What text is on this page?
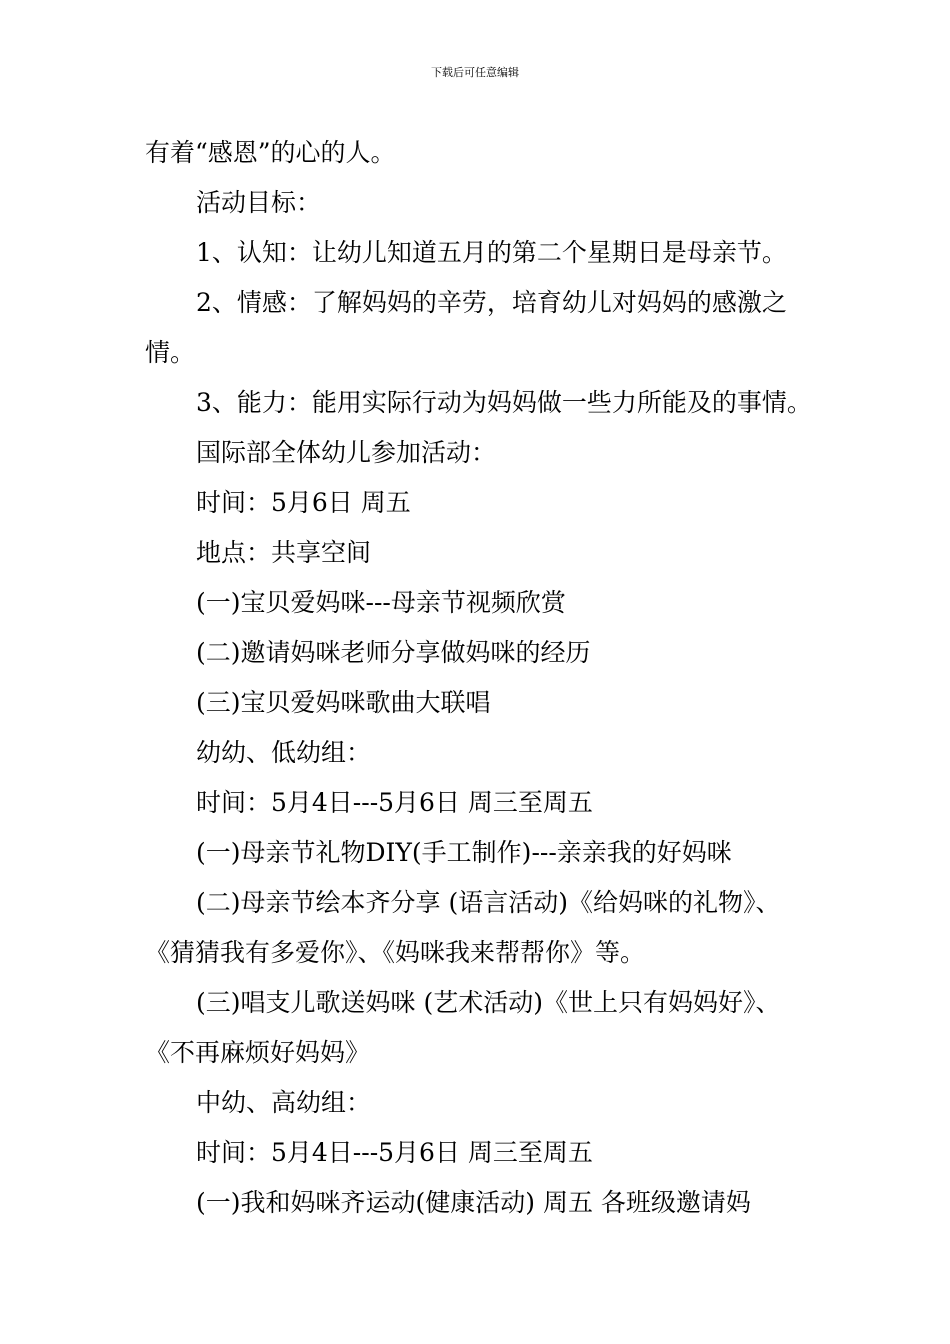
下载后可任意编辑

有着“感恩”的心的人。

活动目标：

1、认知：让幼儿知道五月的第二个星期日是母亲节。

2、情感：了解妈妈的辛劳，培育幼儿对妈妈的感激之

情。

3、能力：能用实际行动为妈妈做一些力所能及的事情。

国际部全体幼儿参加活动：

时间：5月6日 周五

地点：共享空间

(一)宝贝爱妈咪---母亲节视频欣赏

(二)邀请妈咪老师分享做妈咪的经历

(三)宝贝爱妈咪歌曲大联唱

幼幼、低幼组：

时间：5月4日---5月6日 周三至周五

(一)母亲节礼物DIY(手工制作)---亲亲我的好妈咪

(二)母亲节绘本齐分享 (语言活动)《给妈咪的礼物》、

《猜猜我有多爱你》、《妈咪我来帮帮你》等。

(三)唱支儿歌送妈咪 (艺术活动)《世上只有妈妈好》、

《不再麻烦好妈妈》

中幼、高幼组：

时间：5月4日---5月6日 周三至周五

(一)我和妈咪齐运动(健康活动) 周五 各班级邀请妈
